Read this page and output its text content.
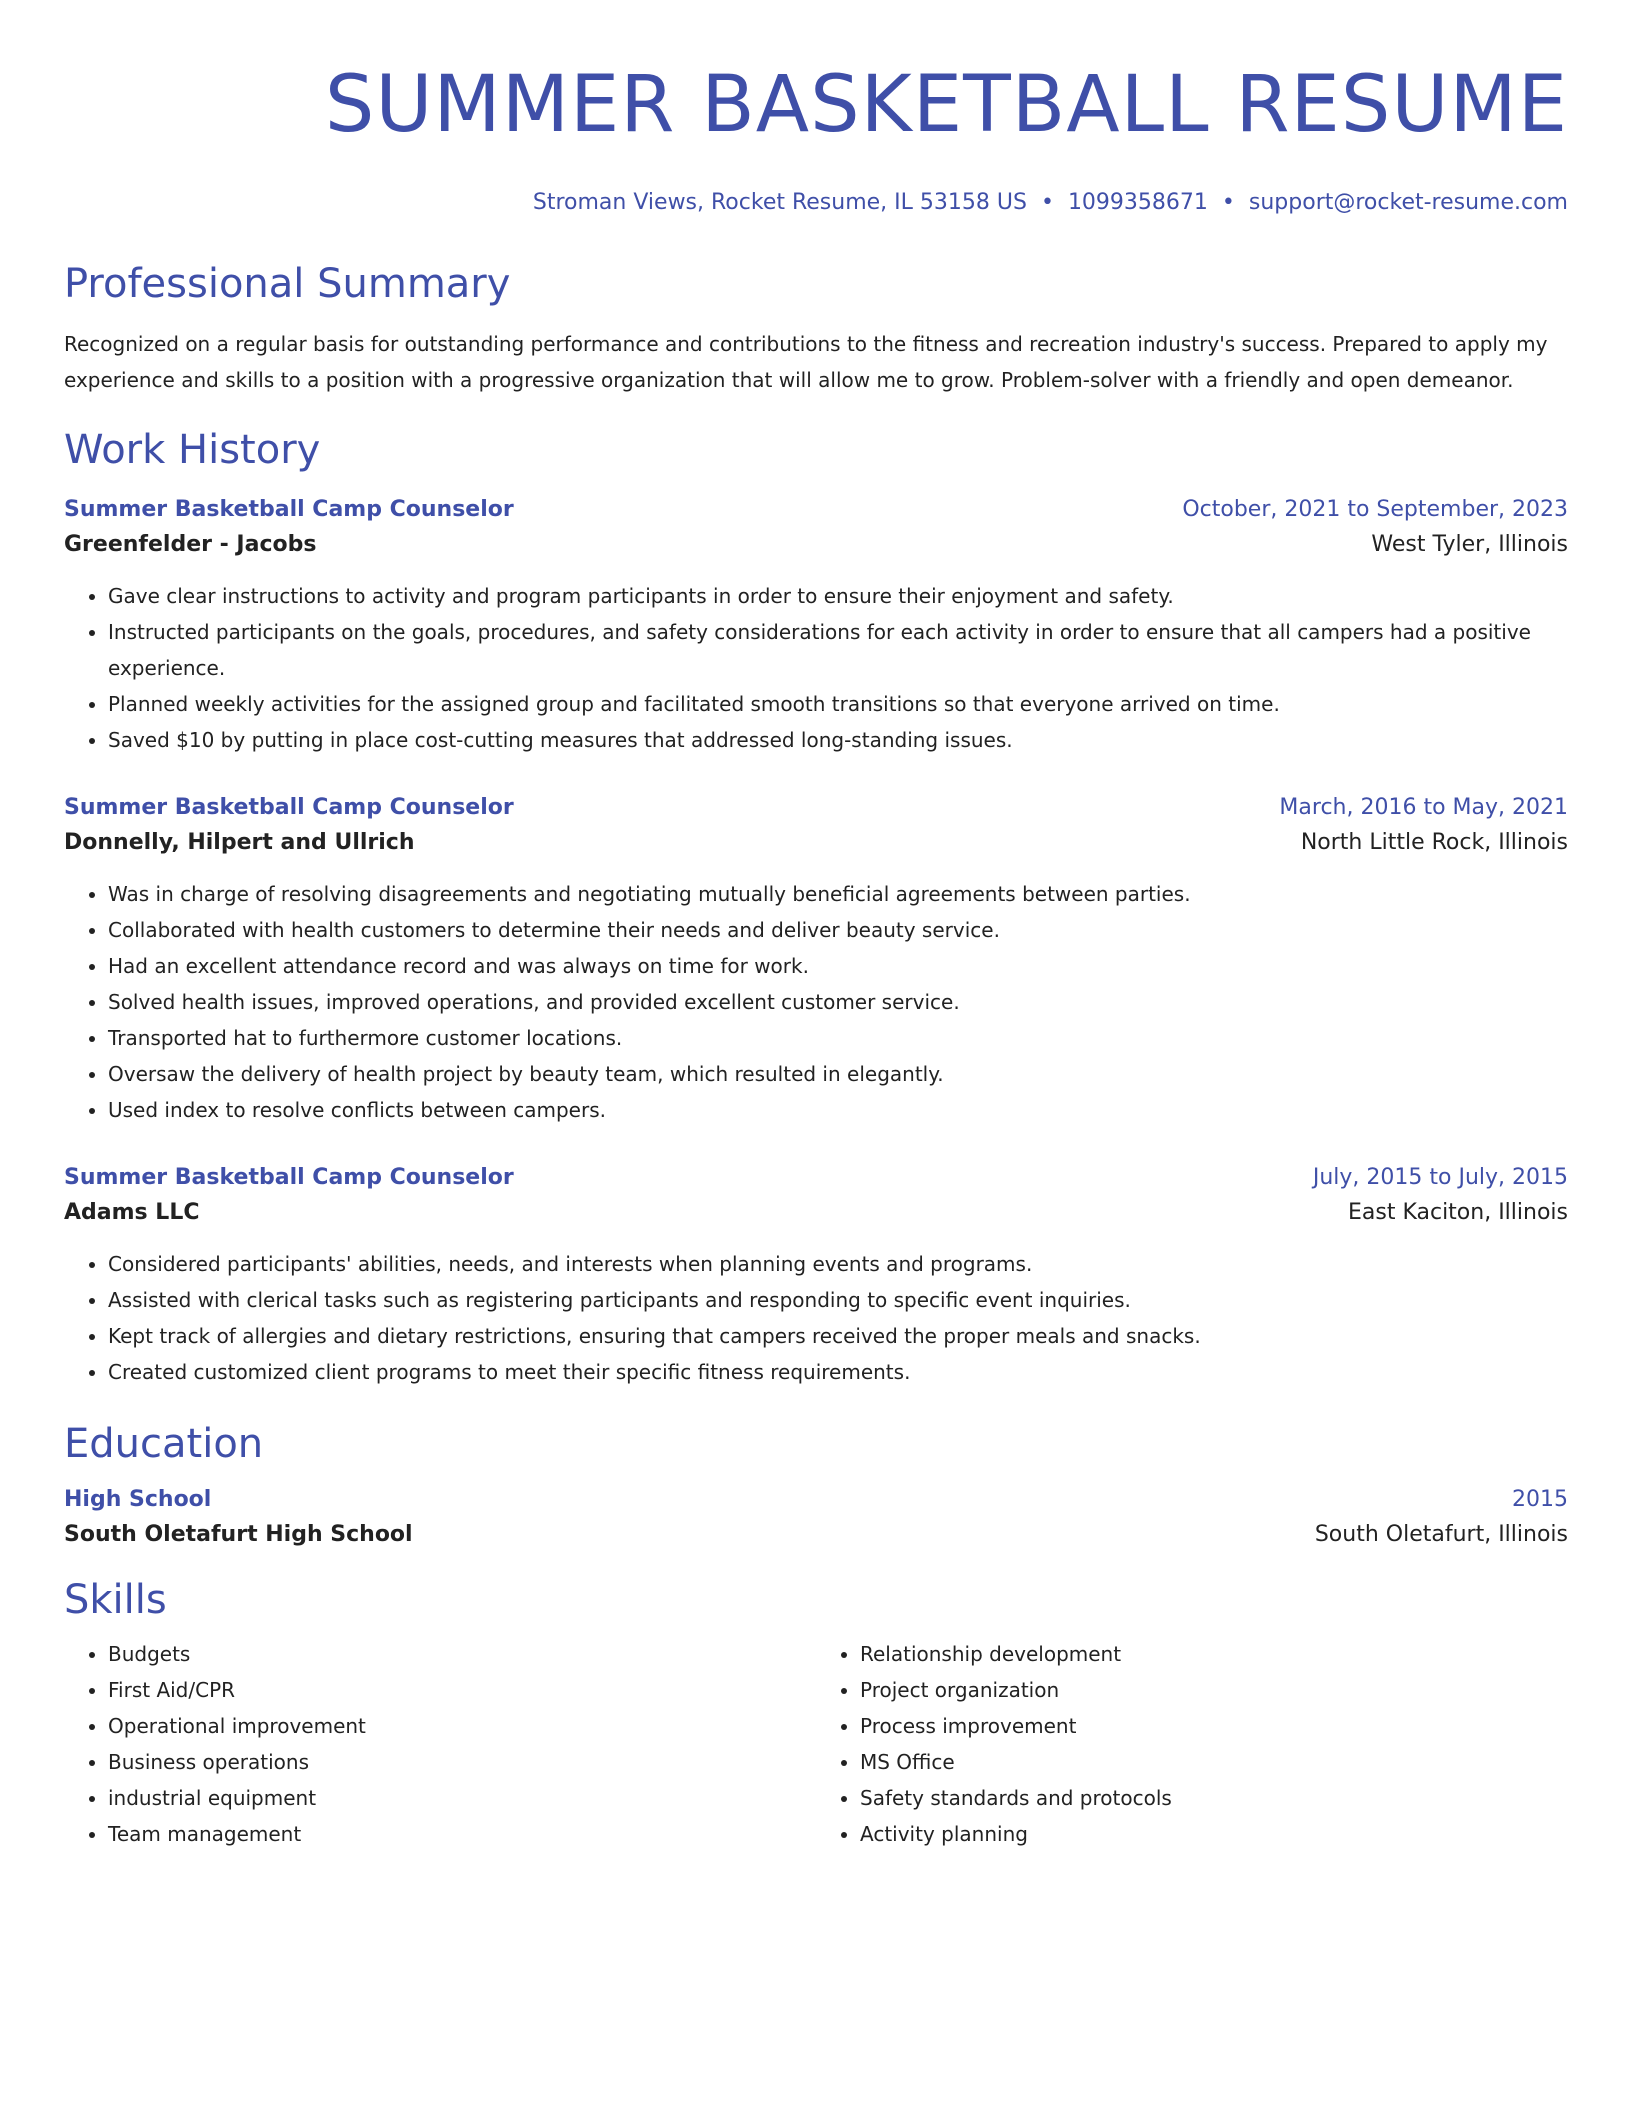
SUMMER BASKETBALL RESUME
Stroman Views, Rocket Resume, IL 53158 US • 1099358671 • support@rocket-resume.com
Professional Summary
Recognized on a regular basis for outstanding performance and contributions to the fitness and recreation industry's success. Prepared to apply my experience and skills to a position with a progressive organization that will allow me to grow. Problem-solver with a friendly and open demeanor.
Work History
Summer Basketball Camp Counselor	October, 2021 to September, 2023
Greenfelder - Jacobs	West Tyler, Illinois
• Gave clear instructions to activity and program participants in order to ensure their enjoyment and safety.
• Instructed participants on the goals, procedures, and safety considerations for each activity in order to ensure that all campers had a positive experience.
• Planned weekly activities for the assigned group and facilitated smooth transitions so that everyone arrived on time.
• Saved $10 by putting in place cost-cutting measures that addressed long-standing issues.
Summer Basketball Camp Counselor	March, 2016 to May, 2021
Donnelly, Hilpert and Ullrich	North Little Rock, Illinois
• Was in charge of resolving disagreements and negotiating mutually beneficial agreements between parties.
• Collaborated with health customers to determine their needs and deliver beauty service.
• Had an excellent attendance record and was always on time for work.
• Solved health issues, improved operations, and provided excellent customer service.
• Transported hat to furthermore customer locations.
• Oversaw the delivery of health project by beauty team, which resulted in elegantly.
• Used index to resolve conflicts between campers.
Summer Basketball Camp Counselor	July, 2015 to July, 2015
Adams LLC	East Kaciton, Illinois
• Considered participants' abilities, needs, and interests when planning events and programs.
• Assisted with clerical tasks such as registering participants and responding to specific event inquiries.
• Kept track of allergies and dietary restrictions, ensuring that campers received the proper meals and snacks.
• Created customized client programs to meet their specific fitness requirements.
Education
High School	2015
South Oletafurt High School	South Oletafurt, Illinois
Skills
• Budgets
• First Aid/CPR
• Operational improvement
• Business operations
• industrial equipment
• Team management
• Relationship development
• Project organization
• Process improvement
• MS Office
• Safety standards and protocols
• Activity planning
